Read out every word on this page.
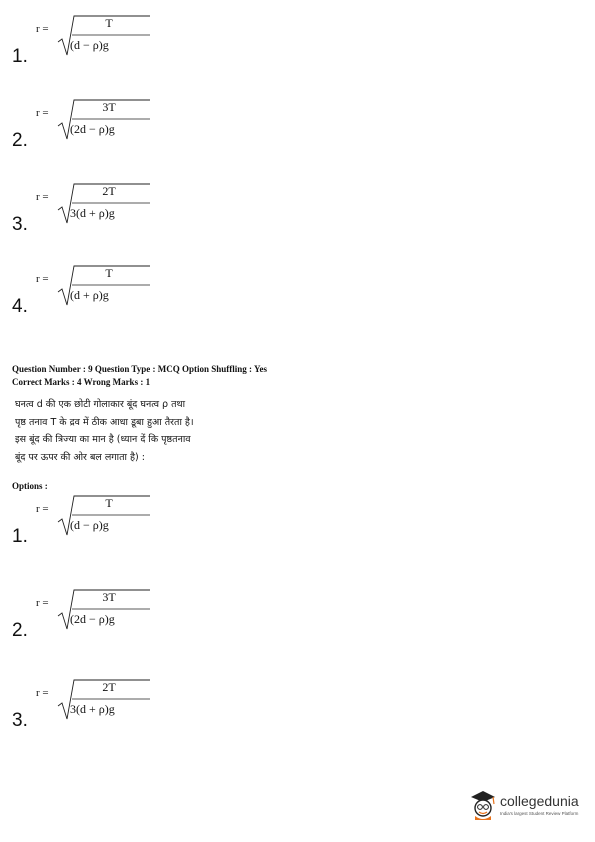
r =	T
(d − ρ)g
1.
r =	3T
(2d − ρ)g
2.
r =	2T
3(d + ρ)g
3.
r =	T
(d + ρ)g
4.
Question Number : 9 Question Type : MCQ Option Shuffling : Yes
Correct Marks : 4 Wrong Marks : 1
घनत्व d की एक छोटी गोलाकार बूंद घनत्व ρ तथा
पृष्ठ तनाव T के द्रव में ठीक आधा डूबा हुआ तैरता है।
इस बूंद की त्रिज्या का मान है (ध्यान दें कि पृष्ठतनाव
बूंद पर ऊपर की ओर बल लगाता है) :
Options :
r =	T
(d − ρ)g
1.
r =	3T
(2d − ρ)g
2.
r =	2T
3(d + ρ)g
3.
collegedunia
India's largest Student Review Platform
